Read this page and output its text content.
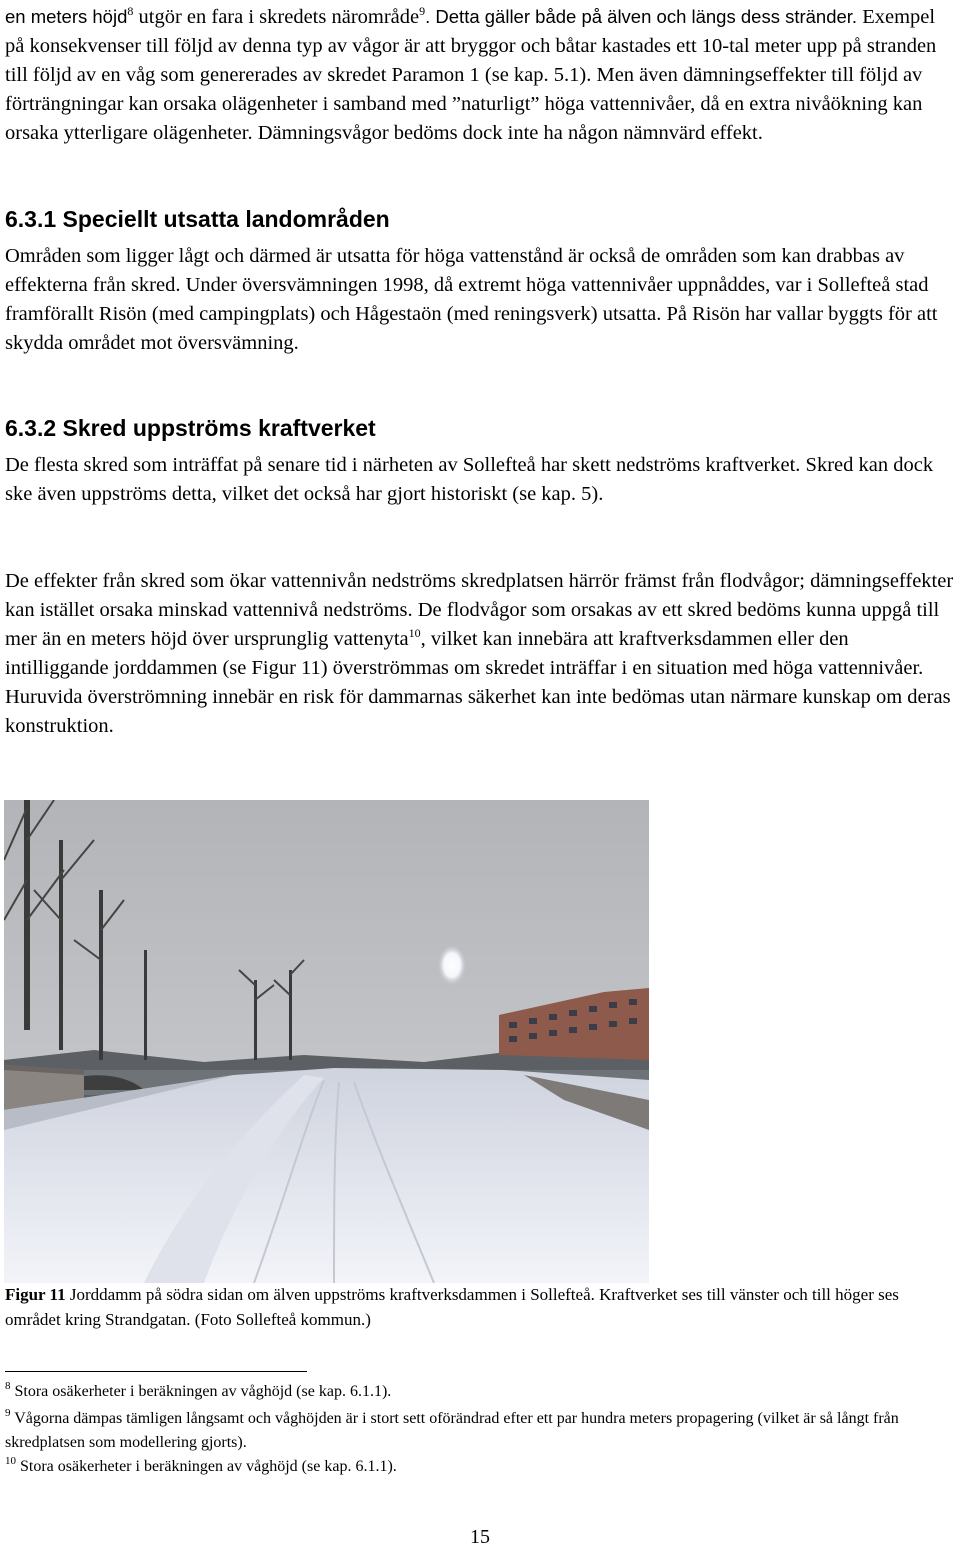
en meters höjd$^8$ utgör en fara i skredets närområde$^9$. Detta gäller både på älven och längs dess stränder. Exempel på konsekvenser till följd av denna typ av vågor är att bryggor och båtar kastades ett 10-tal meter upp på stranden till följd av en våg som genererades av skredet Paramon 1 (se kap. 5.1). Men även dämningseffekter till följd av förträngningar kan orsaka olägenheter i samband med ”naturligt” höga vattennivåer, då en extra nivåökning kan orsaka ytterligare olägenheter. Dämningsvågor bedöms dock inte ha någon nämnvärd effekt.

6.3.1 Speciellt utsatta landområden

Områden som ligger lågt och därmed är utsatta för höga vattenstånd är också de områden som kan drabbas av effekterna från skred. Under översvämningen 1998, då extremt höga vattennivåer uppnåddes, var i Sollefteå stad framförallt Risön (med campingplats) och Hågestaön (med reningsverk) utsatta. På Risön har vallar byggts för att skydda området mot översvämning.

6.3.2 Skred uppströms kraftverket

De flesta skred som inträffat på senare tid i närheten av Sollefteå har skett nedströms kraftverket. Skred kan dock ske även uppströms detta, vilket det också har gjort historiskt (se kap. 5).

De effekter från skred som ökar vattennivån nedströms skredplatsen härrör främst från flodvågor; dämningseffekter kan istället orsaka minskad vattennivå nedströms. De flodvågor som orsakas av ett skred bedöms kunna uppgå till mer än en meters höjd över ursprunglig vattenyta$^{10}$, vilket kan innebära att kraftverksdammen eller den intilliggande jorddammen (se Figur 11) överströmmas om skredet inträffar i en situation med höga vattennivåer. Huruvida överströmning innebär en risk för dammarnas säkerhet kan inte bedömas utan närmare kunskap om deras konstruktion.

Figur 11 Jorddamm på södra sidan om älven uppströms kraftverksdammen i Sollefteå. Kraftverket ses till vänster och till höger ses området kring Strandgatan. (Foto Sollefteå kommun.)

$^8$ Stora osäkerheter i beräkningen av våghöjd (se kap. 6.1.1).

$^9$ Vågorna dämpas tämligen långsamt och våghöjden är i stort sett oförändrad efter ett par hundra meters propagering (vilket är så långt från skredplatsen som modellering gjorts).

$^{10}$ Stora osäkerheter i beräkningen av våghöjd (se kap. 6.1.1).

15
